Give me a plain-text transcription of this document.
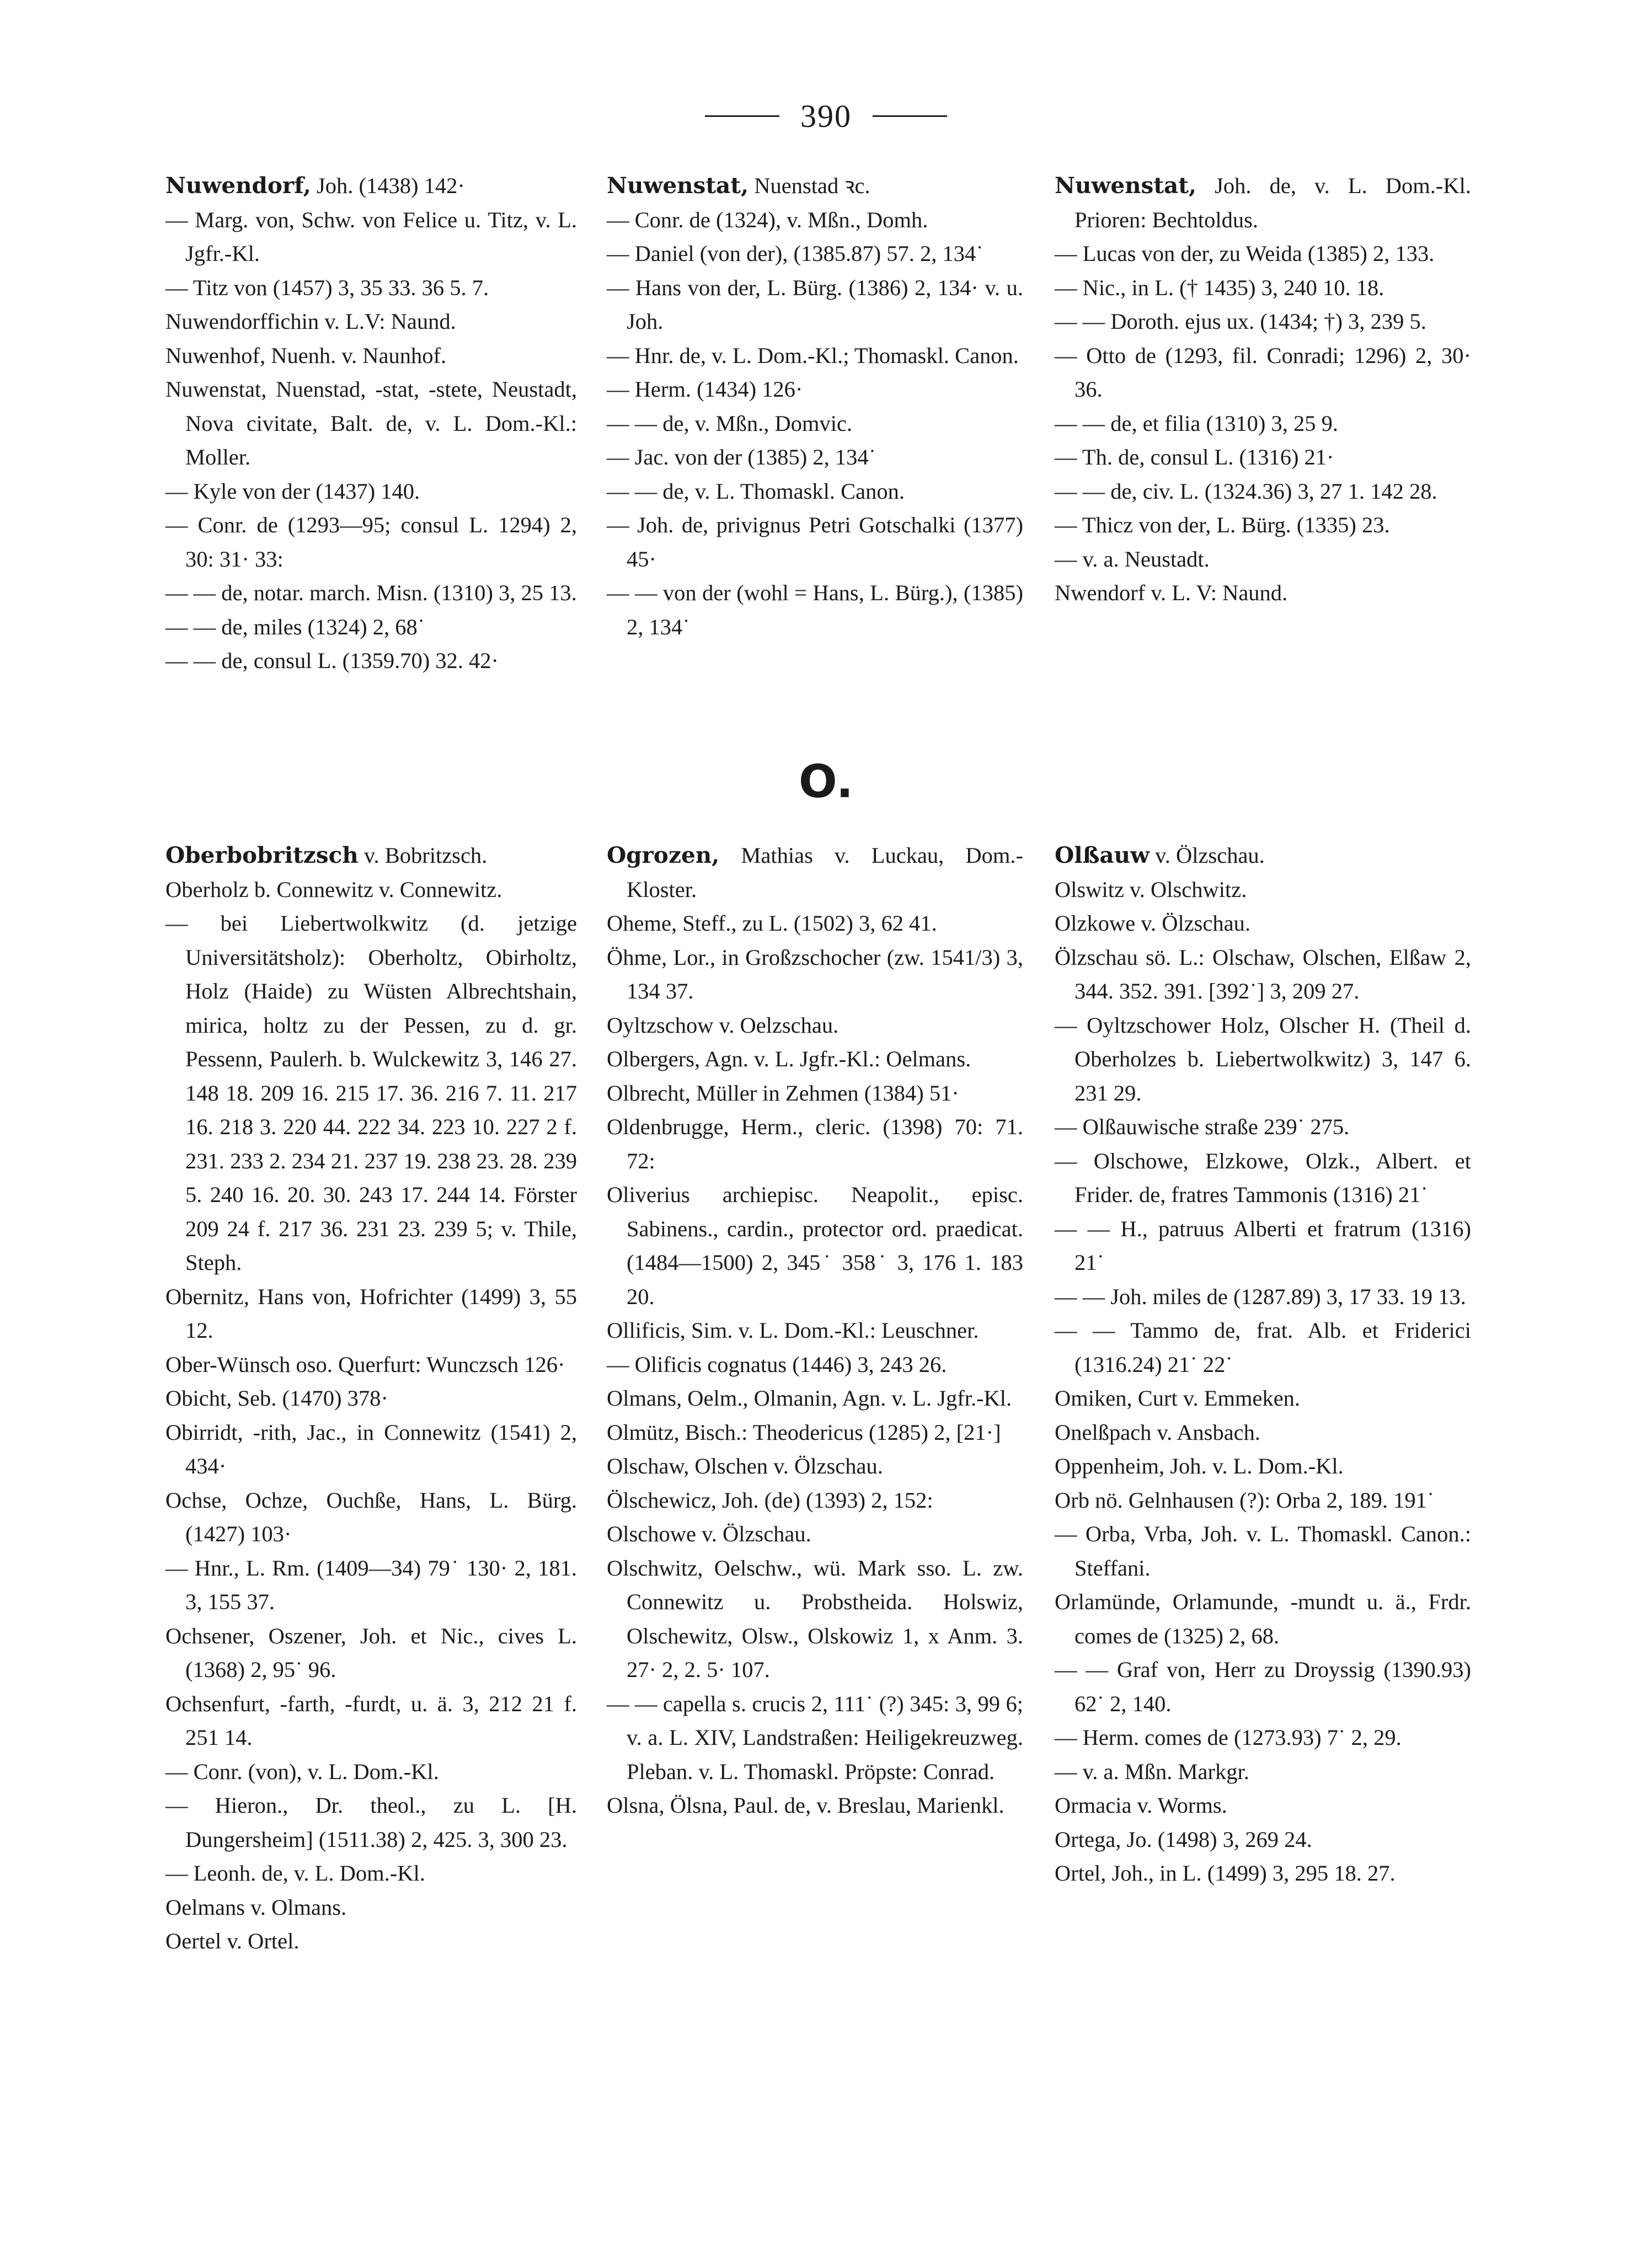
390
Nuwendorf, Joh. (1438) 142·
— Marg. von, Schw. von Felice u. Titz, v. L. Jgfr.-Kl.
— Titz von (1457) 3, 35 33. 36 5. 7.
Nuwendorffichin v. L.V: Naund.
Nuwenhof, Nuenh. v. Naunhof.
Nuwenstat, Nuenstad, -stat, -stete, Neustadt, Nova civitate, Balt. de, v. L. Dom.-Kl.: Moller.
— Kyle von der (1437) 140.
— Conr. de (1293—95; consul L. 1294) 2, 30: 31· 33:
— — de, notar. march. Misn. (1310) 3, 25 13.
— — de, miles (1324) 2, 68˙
— — de, consul L. (1359.70) 32. 42·
Nuwenstat, Nuenstad ꝛc.
— Conr. de (1324), v. Mßn., Domh.
— Daniel (von der), (1385.87) 57. 2, 134˙
— Hans von der, L. Bürg. (1386) 2, 134· v. u. Joh.
— Hnr. de, v. L. Dom.-Kl.; Thomaskl. Canon.
— Herm. (1434) 126·
— — de, v. Mßn., Domvic.
— Jac. von der (1385) 2, 134˙
— — de, v. L. Thomaskl. Canon.
— Joh. de, privignus Petri Gotschalki (1377) 45·
— — von der (wohl = Hans, L. Bürg.), (1385) 2, 134˙
Nuwenstat, Joh. de, v. L. Dom.-Kl. Prioren: Bechtoldus.
— Lucas von der, zu Weida (1385) 2, 133.
— Nic., in L. († 1435) 3, 240 10. 18.
— — Doroth. ejus ux. (1434; †) 3, 239 5.
— Otto de (1293, fil. Conradi; 1296) 2, 30· 36.
— — de, et filia (1310) 3, 25 9.
— Th. de, consul L. (1316) 21·
— — de, civ. L. (1324.36) 3, 27 1. 142 28.
— Thicz von der, L. Bürg. (1335) 23.
— v. a. Neustadt.
Nwendorf v. L. V: Naund.
O.
Oberbobritzsch v. Bobritzsch.
Oberholz b. Connewitz v. Connewitz.
— bei Liebertwolkwitz (d. jetzige Universitätsholz): Oberholtz, Obirholtz, Holz (Haide) zu Wüsten Albrechtshain, mirica, holtz zu der Pessen, zu d. gr. Pessenn, Paulerh. b. Wulckewitz 3, 146 27. 148 18. 209 16. 215 17. 36. 216 7. 11. 217 16. 218 3. 220 44. 222 34. 223 10. 227 2 f. 231. 233 2. 234 21. 237 19. 238 23. 28. 239 5. 240 16. 20. 30. 243 17. 244 14. Förster 209 24 f. 217 36. 231 23. 239 5; v. Thile, Steph.
Obernitz, Hans von, Hofrichter (1499) 3, 55 12.
Ober-Wünsch oso. Querfurt: Wunczsch 126·
Obicht, Seb. (1470) 378·
Obirridt, -rith, Jac., in Connewitz (1541) 2, 434·
Ochse, Ochze, Ouchße, Hans, L. Bürg. (1427) 103·
— Hnr., L. Rm. (1409—34) 79˙ 130· 2, 181. 3, 155 37.
Ochsener, Oszener, Joh. et Nic., cives L. (1368) 2, 95˙ 96.
Ochsenfurt, -farth, -furdt, u. ä. 3, 212 21 f. 251 14.
— Conr. (von), v. L. Dom.-Kl.
— Hieron., Dr. theol., zu L. [H. Dungersheim] (1511.38) 2, 425. 3, 300 23.
— Leonh. de, v. L. Dom.-Kl.
Oelmans v. Olmans.
Oertel v. Ortel.
Ogrozen, Mathias v. Luckau, Dom.-Kloster.
Oheme, Steff., zu L. (1502) 3, 62 41.
Öhme, Lor., in Großzschocher (zw. 1541/3) 3, 134 37.
Oyltzschow v. Oelzschau.
Olbergers, Agn. v. L. Jgfr.-Kl.: Oelmans.
Olbrecht, Müller in Zehmen (1384) 51·
Oldenbrugge, Herm., cleric. (1398) 70: 71. 72:
Oliverius archiepisc. Neapolit., episc. Sabinens., cardin., protector ord. praedicat. (1484—1500) 2, 345˙ 358˙ 3, 176 1. 183 20.
Ollificis, Sim. v. L. Dom.-Kl.: Leuschner.
— Olificis cognatus (1446) 3, 243 26.
Olmans, Oelm., Olmanin, Agn. v. L. Jgfr.-Kl.
Olmütz, Bisch.: Theodericus (1285) 2, [21·]
Olschaw, Olschen v. Ölzschau.
Ölschewicz, Joh. (de) (1393) 2, 152:
Olschowe v. Ölzschau.
Olschwitz, Oelschw., wü. Mark sso. L. zw. Connewitz u. Probstheida. Holswiz, Olschewitz, Olsw., Olskowiz 1, x Anm. 3. 27· 2, 2. 5· 107.
— — capella s. crucis 2, 111˙ (?) 345: 3, 99 6; v. a. L. XIV, Landstraßen: Heiligekreuzweg. Pleban. v. L. Thomaskl. Pröpste: Conrad.
Olsna, Ölsna, Paul. de, v. Breslau, Marienkl.
Olßauw v. Ölzschau.
Olswitz v. Olschwitz.
Olzkowe v. Ölzschau.
Ölzschau sö. L.: Olschaw, Olschen, Elßaw 2, 344. 352. 391. [392˙] 3, 209 27.
— Oyltzschower Holz, Olscher H. (Theil d. Oberholzes b. Liebertwolkwitz) 3, 147 6. 231 29.
— Olßauwische straße 239˙ 275.
— Olschowe, Elzkowe, Olzk., Albert. et Frider. de, fratres Tammonis (1316) 21˙
— — H., patruus Alberti et fratrum (1316) 21˙
— — Joh. miles de (1287.89) 3, 17 33. 19 13.
— — Tammo de, frat. Alb. et Friderici (1316.24) 21˙ 22˙
Omiken, Curt v. Emmeken.
Onelßpach v. Ansbach.
Oppenheim, Joh. v. L. Dom.-Kl.
Orb nö. Gelnhausen (?): Orba 2, 189. 191˙
— Orba, Vrba, Joh. v. L. Thomaskl. Canon.: Steffani.
Orlamünde, Orlamunde, -mundt u. ä., Frdr. comes de (1325) 2, 68.
— — Graf von, Herr zu Droyssig (1390.93) 62˙ 2, 140.
— Herm. comes de (1273.93) 7˙ 2, 29.
— v. a. Mßn. Markgr.
Ormacia v. Worms.
Ortega, Jo. (1498) 3, 269 24.
Ortel, Joh., in L. (1499) 3, 295 18. 27.
